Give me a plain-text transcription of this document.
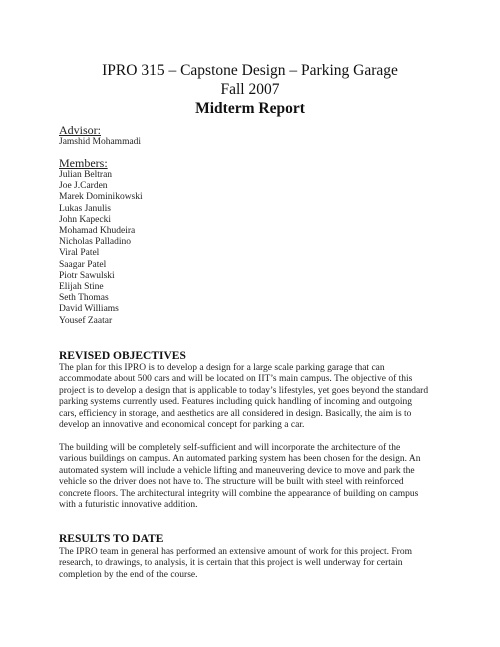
IPRO 315 – Capstone Design – Parking Garage
Fall 2007
Midterm Report
Advisor:
Jamshid Mohammadi
Members:
Julian Beltran
Joe J.Carden
Marek Dominikowski
Lukas Janulis
John Kapecki
Mohamad Khudeira
Nicholas Palladino
Viral Patel
Saagar Patel
Piotr Sawulski
Elijah Stine
Seth Thomas
David Williams
Yousef Zaatar
REVISED OBJECTIVES

The plan for this IPRO is to develop a design for a large scale parking garage that can
accommodate about 500 cars and will be located on IIT’s main campus. The objective of this
project is to develop a design that is applicable to today’s lifestyles, yet goes beyond the standard
parking systems currently used. Features including quick handling of incoming and outgoing
cars, efficiency in storage, and aesthetics are all considered in design. Basically, the aim is to
develop an innovative and economical concept for parking a car.

The building will be completely self-sufficient and will incorporate the architecture of the
various buildings on campus. An automated parking system has been chosen for the design. An
automated system will include a vehicle lifting and maneuvering device to move and park the
vehicle so the driver does not have to. The structure will be built with steel with reinforced
concrete floors. The architectural integrity will combine the appearance of building on campus
with a futuristic innovative addition.

RESULTS TO DATE

The IPRO team in general has performed an extensive amount of work for this project. From
research, to drawings, to analysis, it is certain that this project is well underway for certain
completion by the end of the course.
